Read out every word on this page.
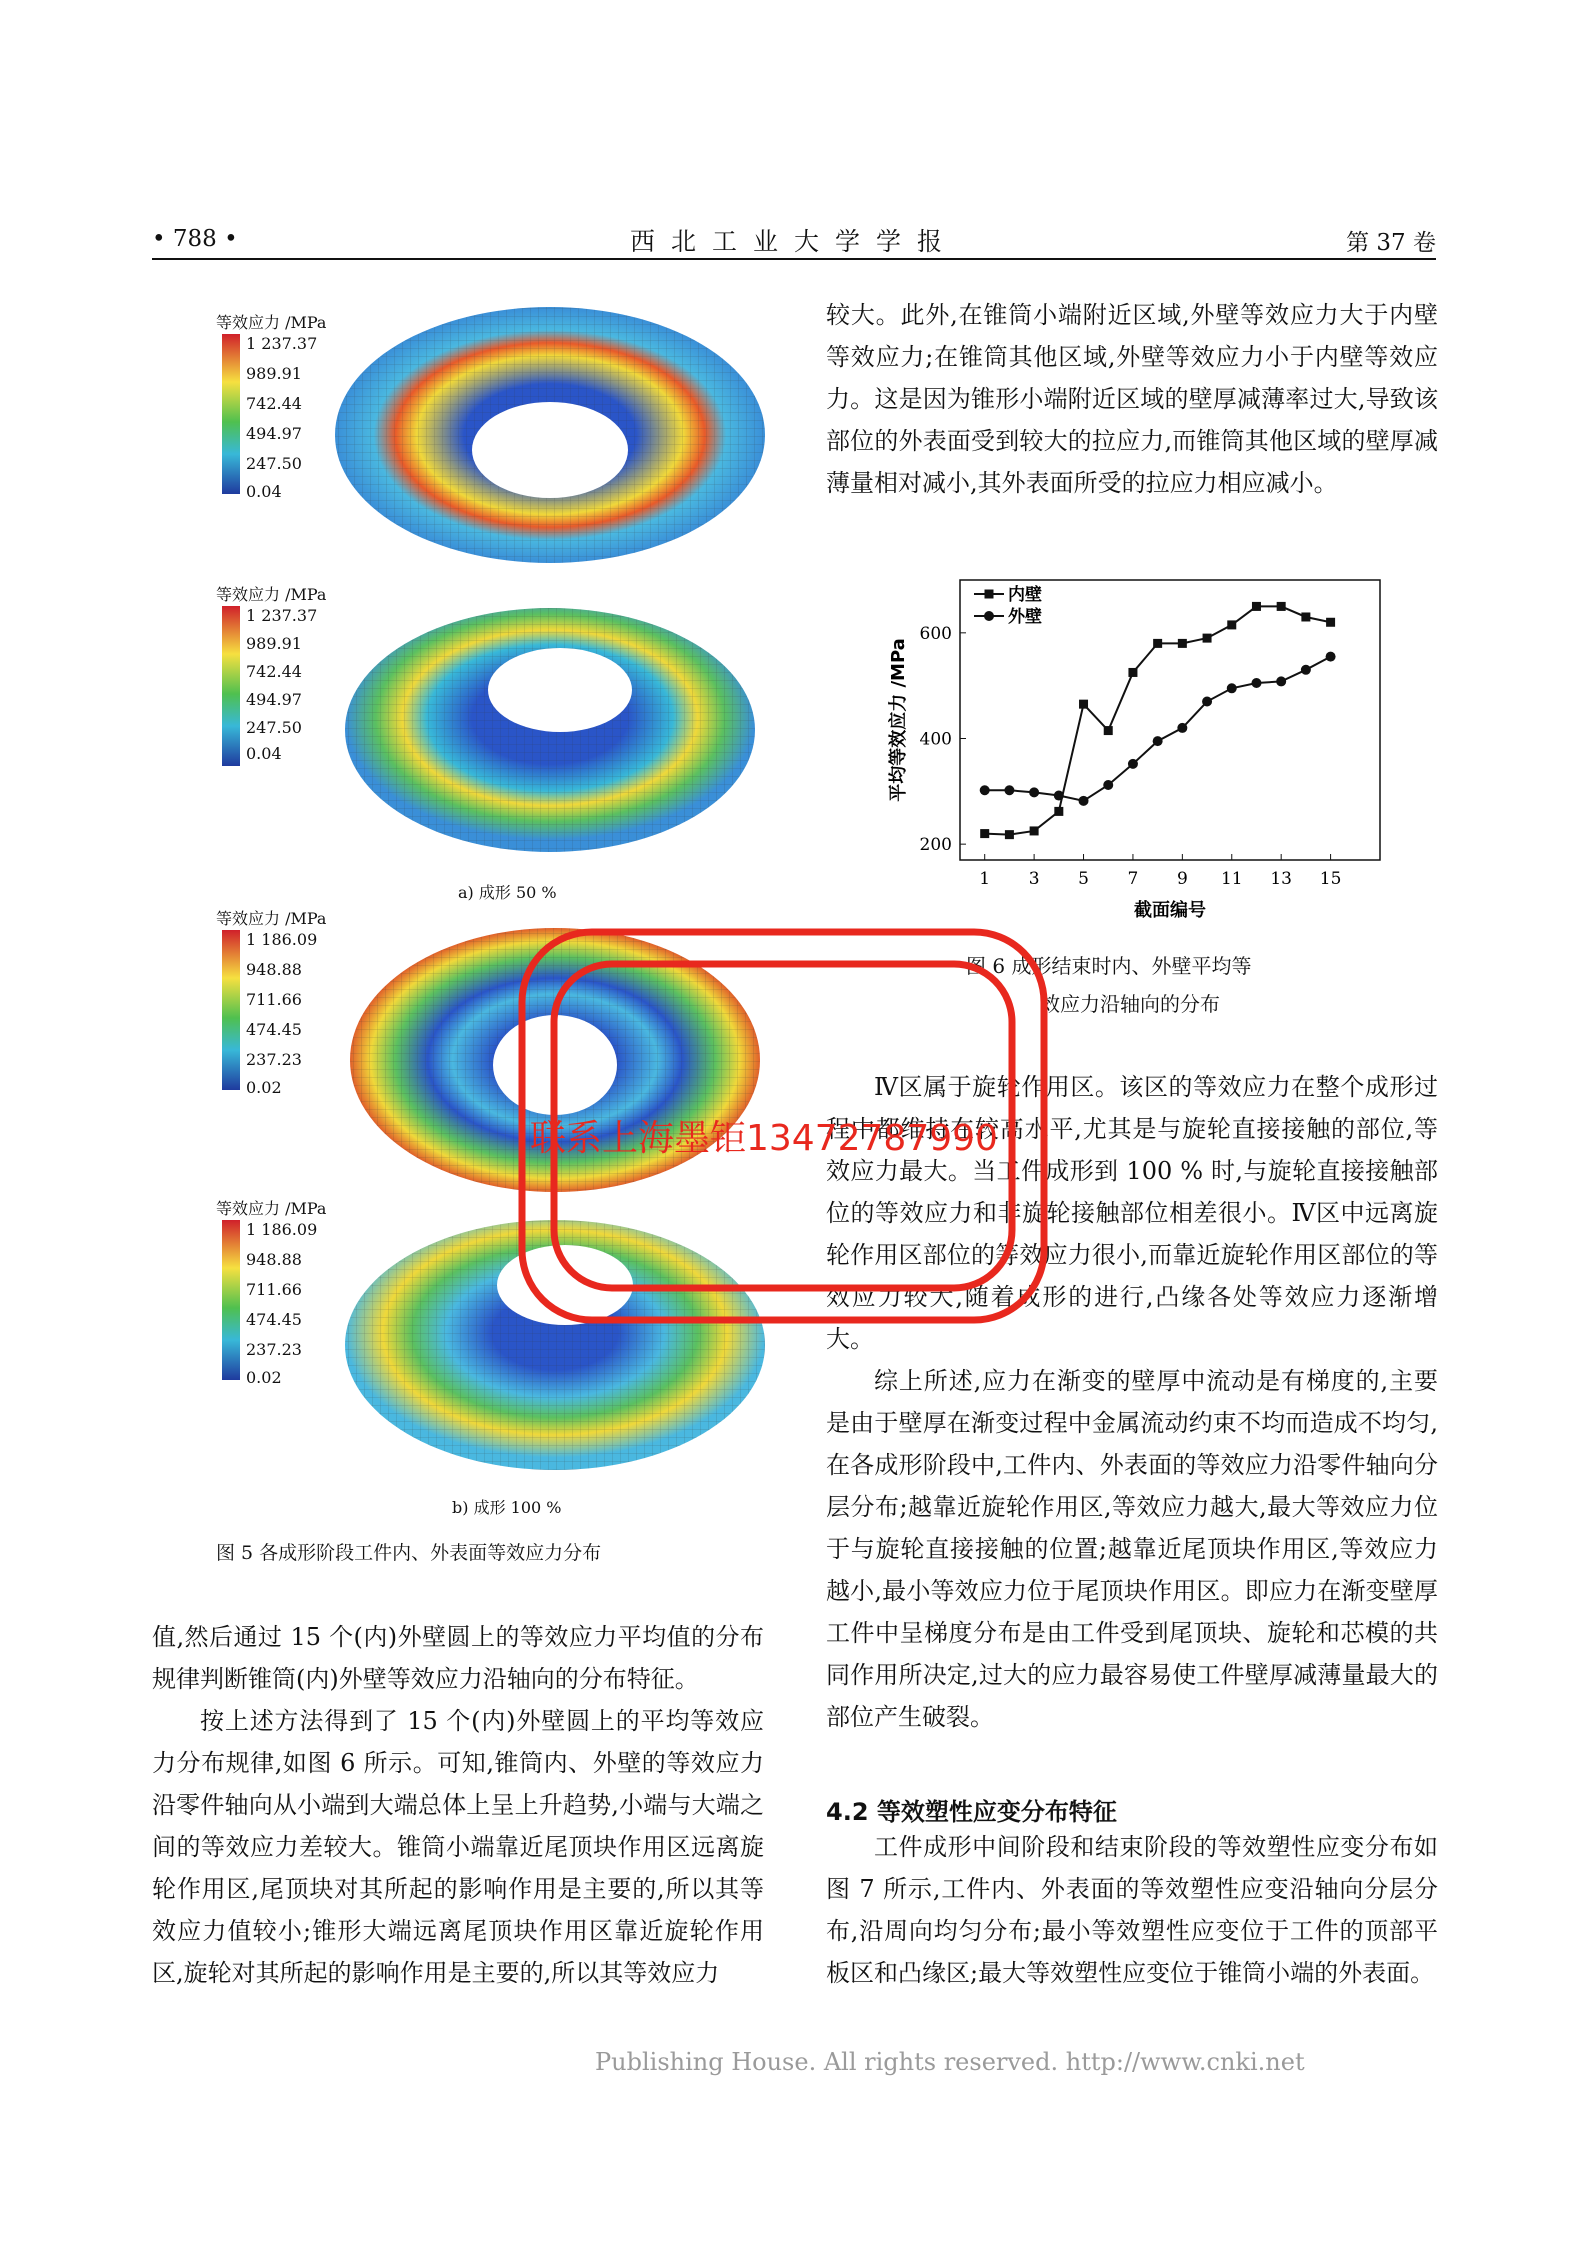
• 788 •	西北工业大学学报	第 37 卷
等效应力 /MPa
1 237.37
989.91
742.44
494.97
247.50
0.04
等效应力 /MPa
1 237.37
989.91
742.44
494.97
247.50
0.04
a) 成形 50 %
等效应力 /MPa
1 186.09
948.88
711.66
474.45
237.23
0.02
等效应力 /MPa
1 186.09
948.88
711.66
474.45
237.23
0.02
b) 成形 100 %
图 5 各成形阶段工件内、外表面等效应力分布

较大。此外,在锥筒小端附近区域,外壁等效应力大于内壁等效应力;在锥筒其他区域,外壁等效应力小于内壁等效应力。这是因为锥形小端附近区域的壁厚减薄率过大,导致该部位的外表面受到较大的拉应力,而锥筒其他区域的壁厚减薄量相对减小,其外表面所受的拉应力相应减小。

1 3 5 7 9 11 13 15
200
400
600
截面编号
平均等效应力 /MPa
内壁
外壁
图 6 成形结束时内、外壁平均等
效应力沿轴向的分布

Ⅳ区属于旋轮作用区。该区的等效应力在整个成形过程中都维持在较高水平,尤其是与旋轮直接接触的部位,等效应力最大。当工件成形到 100 % 时,与旋轮直接接触部位的等效应力和非旋轮接触部位相差很小。Ⅳ区中远离旋轮作用区部位的等效应力很小,而靠近旋轮作用区部位的等效应力较大,随着成形的进行,凸缘各处等效应力逐渐增大。

综上所述,应力在渐变的壁厚中流动是有梯度的,主要是由于壁厚在渐变过程中金属流动约束不均而造成不均匀,在各成形阶段中,工件内、外表面的等效应力沿零件轴向分层分布;越靠近旋轮作用区,等效应力越大,最大等效应力位于与旋轮直接接触的位置;越靠近尾顶块作用区,等效应力越小,最小等效应力位于尾顶块作用区。即应力在渐变壁厚工件中呈梯度分布是由工件受到尾顶块、旋轮和芯模的共同作用所决定,过大的应力最容易使工件壁厚减薄量最大的部位产生破裂。

4.2 等效塑性应变分布特征

工件成形中间阶段和结束阶段的等效塑性应变分布如图 7 所示,工件内、外表面的等效塑性应变沿轴向分层分布,沿周向均匀分布;最小等效塑性应变位于工件的顶部平板区和凸缘区;最大等效塑性应变位于锥筒小端的外表面。

值,然后通过 15 个(内)外壁圆上的等效应力平均值的分布规律判断锥筒(内)外壁等效应力沿轴向的分布特征。

按上述方法得到了 15 个(内)外壁圆上的平均等效应力分布规律,如图 6 所示。可知,锥筒内、外壁的等效应力沿零件轴向从小端到大端总体上呈上升趋势,小端与大端之间的等效应力差较大。锥筒小端靠近尾顶块作用区远离旋轮作用区,尾顶块对其所起的影响作用是主要的,所以其等效应力值较小;锥形大端远离尾顶块作用区靠近旋轮作用区,旋轮对其所起的影响作用是主要的,所以其等效应力

Publishing House. All rights reserved. http://www.cnki.net
联系上海墨钜13472787990
